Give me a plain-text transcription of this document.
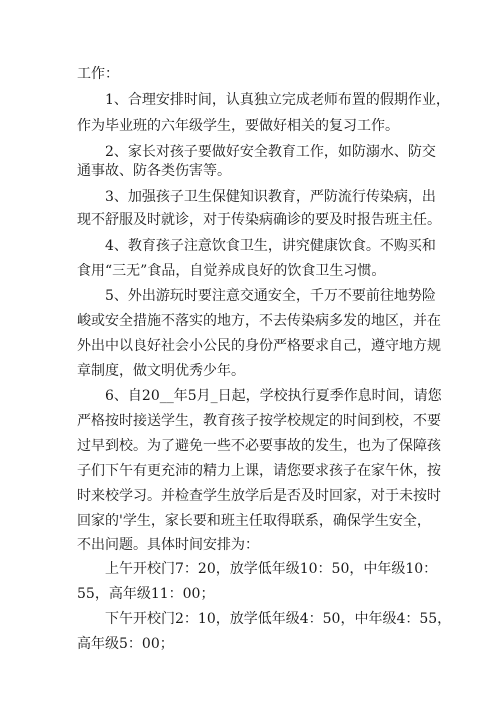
工作：
1、合理安排时间，认真独立完成老师布置的假期作业，
作为毕业班的六年级学生，要做好相关的复习工作。
2、家长对孩子要做好安全教育工作，如防溺水、防交
通事故、防各类伤害等。
3、加强孩子卫生保健知识教育，严防流行传染病，出
现不舒服及时就诊，对于传染病确诊的要及时报告班主任。
4、教育孩子注意饮食卫生，讲究健康饮食。不购买和
食用“三无”食品，自觉养成良好的饮食卫生习惯。
5、外出游玩时要注意交通安全，千万不要前往地势险
峻或安全措施不落实的地方，不去传染病多发的地区，并在
外出中以良好社会小公民的身份严格要求自己，遵守地方规
章制度，做文明优秀少年。
6、自20__年5月_日起，学校执行夏季作息时间，请您
严格按时接送学生，教育孩子按学校规定的时间到校，不要
过早到校。为了避免一些不必要事故的发生，也为了保障孩
子们下午有更充沛的精力上课，请您要求孩子在家午休，按
时来校学习。并检查学生放学后是否及时回家，对于未按时
回家的'学生，家长要和班主任取得联系，确保学生安全，
不出问题。具体时间安排为：
上午开校门7：20，放学低年级10：50，中年级10：
55，高年级11：00；
下午开校门2：10，放学低年级4：50，中年级4：55，
高年级5：00；
